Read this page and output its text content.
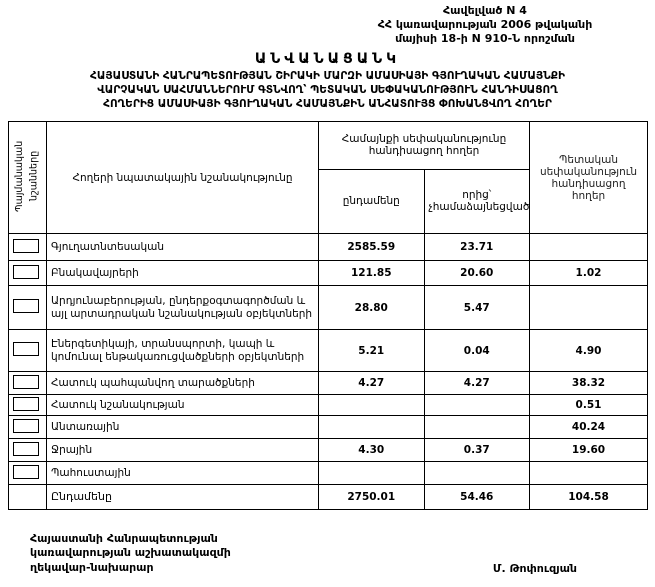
Հավելված N 4
ՀՀ կառավարության 2006 թվականի
մայիսի 18-ի N 910-Ն որոշման
ԱՆՎԱՆԱՑԱՆԿ
ՀԱՅԱՍՏԱՆԻ ՀԱՆՐԱՊԵՏՈՒԹՅԱՆ ՇԻՐԱԿԻ ՄԱՐԶԻ ԱՄԱՍԻԱՅԻ ԳՅՈՒՂԱԿԱՆ ՀԱՄԱՅՆՔԻ
ՎԱՐՉԱԿԱՆ ՍԱՀՄԱՆՆԵՐՈՒՄ ԳՏՆՎՈՂ՝ ՊԵՏԱԿԱՆ ՍԵՓԱԿԱՆՈՒԹՅՈՒՆ ՀԱՆԴԻՍԱՑՈՂ
ՀՈՂԵՐԻՑ ԱՄԱՍԻԱՅԻ ԳՅՈՒՂԱԿԱՆ ՀԱՄԱՅՆՔԻՆ ԱՆՀԱՏՈՒՅՑ ՓՈԽԱՆՑՎՈՂ ՀՈՂԵՐ
Պայմանական նշանները	Հողերի նպատակային նշանակությունը	Համայնքի սեփականությունը հանդիսացող հողեր		Պետական սեփականություն հանդիսացող հողեր
		ընդամենը	որից՝ չհամաձայնեցված	
	Գյուղատնտեսական	2585.59	23.71	
	Բնակավայրերի	121.85	20.60	1.02
	Արդյունաբերության, ընդերքօգտագործման և այլ արտադրական նշանակության օբյեկտների	28.80	5.47	
	Էներգետիկայի, տրանսպորտի, կապի և կոմունալ ենթակառուցվածքների օբյեկտների	5.21	0.04	4.90
	Հատուկ պահպանվող տարածքների	4.27	4.27	38.32
	Հատուկ նշանակության			0.51
	Անտառային			40.24
	Ջրային	4.30	0.37	19.60
	Պահուստային			
	Ընդամենը	2750.01	54.46	104.58
Հայաստանի Հանրապետության
կառավարության աշխատակազմի
ղեկավար-նախարար	Մ. Թոփուզյան
